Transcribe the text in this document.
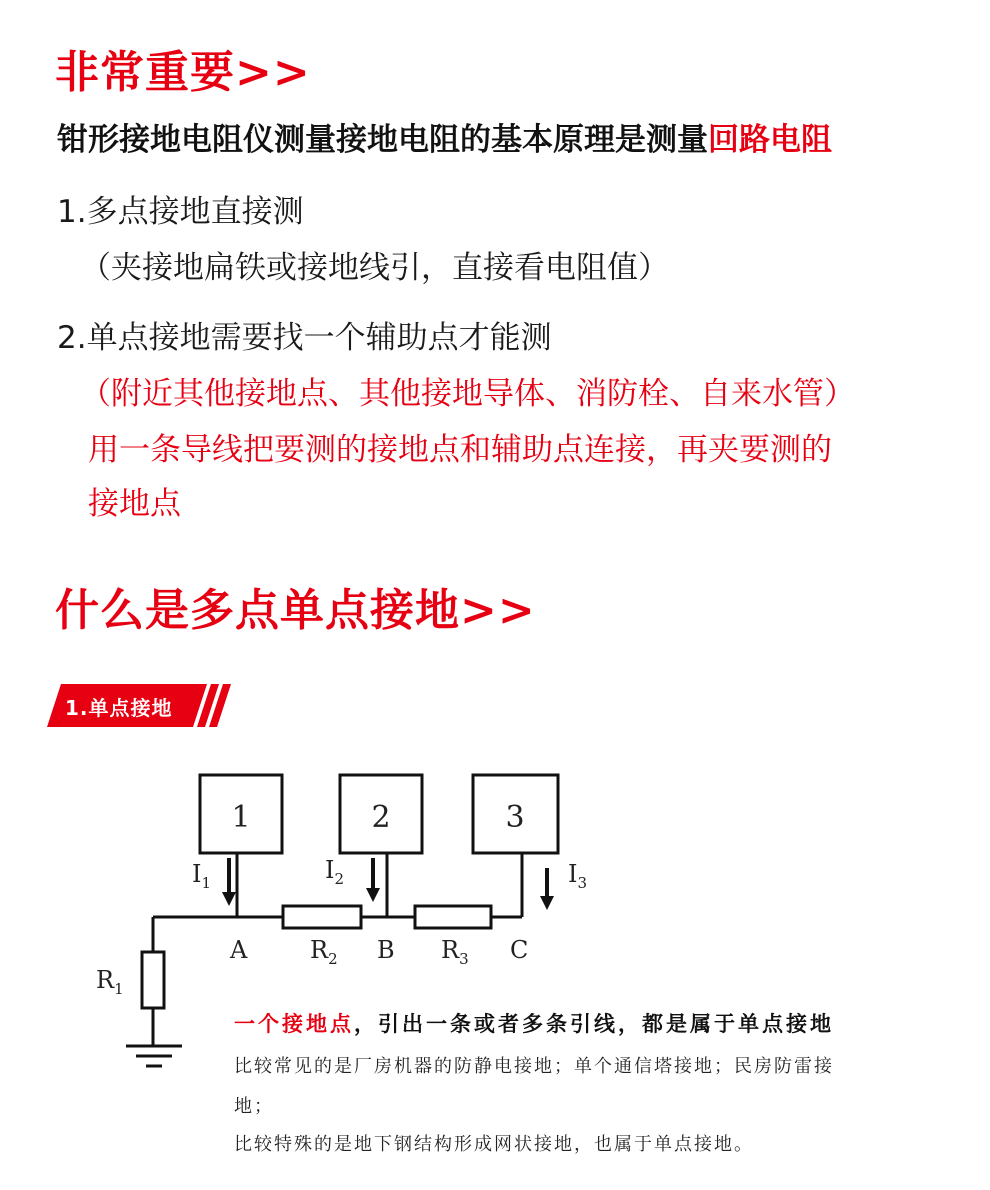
非常重要>>
钳形接地电阻仪测量接地电阻的基本原理是测量回路电阻
1.多点接地直接测
（夹接地扁铁或接地线引，直接看电阻值）
2.单点接地需要找一个辅助点才能测
（附近其他接地点、其他接地导体、消防栓、自来水管）
用一条导线把要测的接地点和辅助点连接，再夹要测的
接地点
什么是多点单点接地>>
1.单点接地
1	2	3
$I_1$	$I_2$	$I_3$
A	B	C
$R_2$	$R_3$
$R_1$
一个接地点，引出一条或者多条引线，都是属于单点接地
比较常见的是厂房机器的防静电接地；单个通信塔接地；民房防雷接
地；
比较特殊的是地下钢结构形成网状接地，也属于单点接地。
